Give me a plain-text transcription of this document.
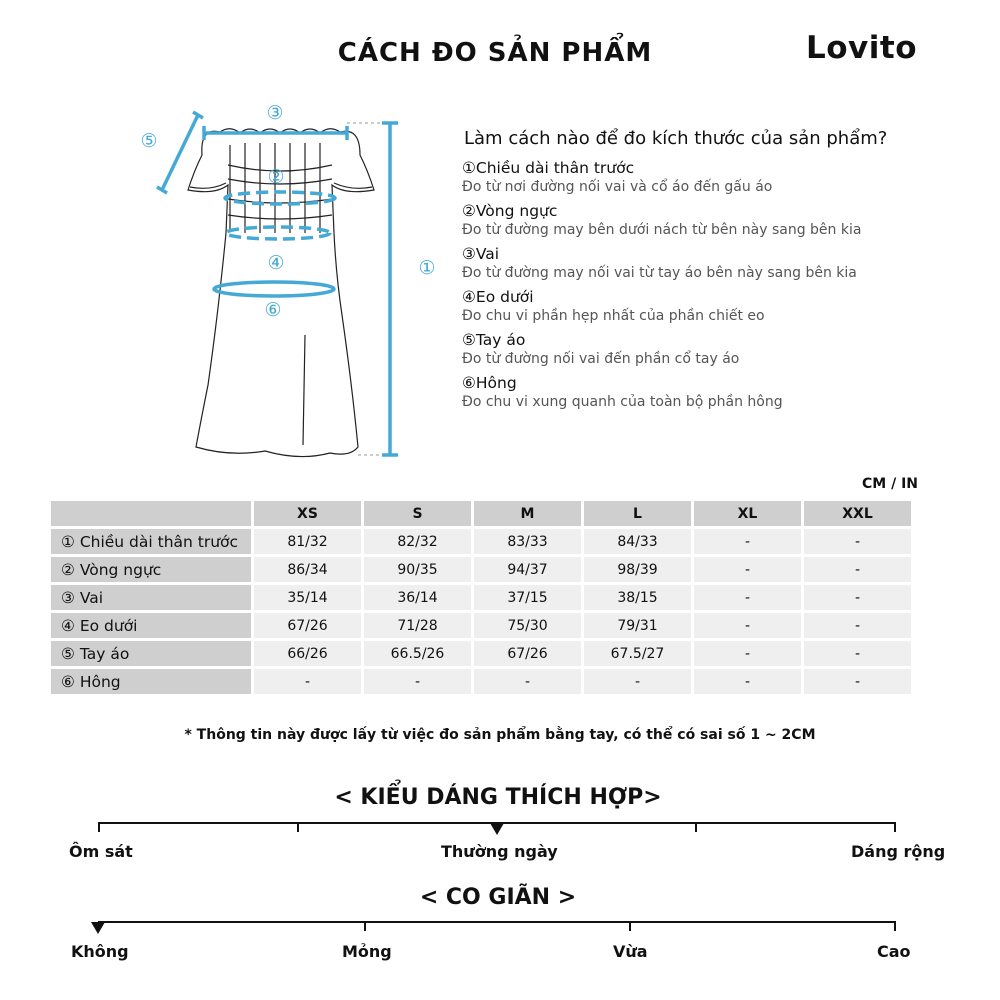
CÁCH ĐO SẢN PHẨM	Lovito
③
⑤
②
④
⑥
①
Làm cách nào để đo kích thước của sản phẩm?
①Chiều dài thân trước
Đo từ nơi đường nối vai và cổ áo đến gấu áo
②Vòng ngực
Đo từ đường may bên dưới nách từ bên này sang bên kia
③Vai
Đo từ đường may nối vai từ tay áo bên này sang bên kia
④Eo dưới
Đo chu vi phần hẹp nhất của phần chiết eo
⑤Tay áo
Đo từ đường nối vai đến phần cổ tay áo
⑥Hông
Đo chu vi xung quanh của toàn bộ phần hông
CM / IN
	XS	S	M	L	XL	XXL
① Chiều dài thân trước	81/32	82/32	83/33	84/33	-	-
② Vòng ngực	86/34	90/35	94/37	98/39	-	-
③ Vai	35/14	36/14	37/15	38/15	-	-
④ Eo dưới	67/26	71/28	75/30	79/31	-	-
⑤ Tay áo	66/26	66.5/26	67/26	67.5/27	-	-
⑥ Hông	-	-	-	-	-	-
* Thông tin này được lấy từ việc đo sản phẩm bằng tay, có thể có sai số 1 ~ 2CM
< KIỂU DÁNG THÍCH HỢP>
Ôm sát	Thường ngày	Dáng rộng
< CO GIÃN >
Không	Mỏng	Vừa	Cao
